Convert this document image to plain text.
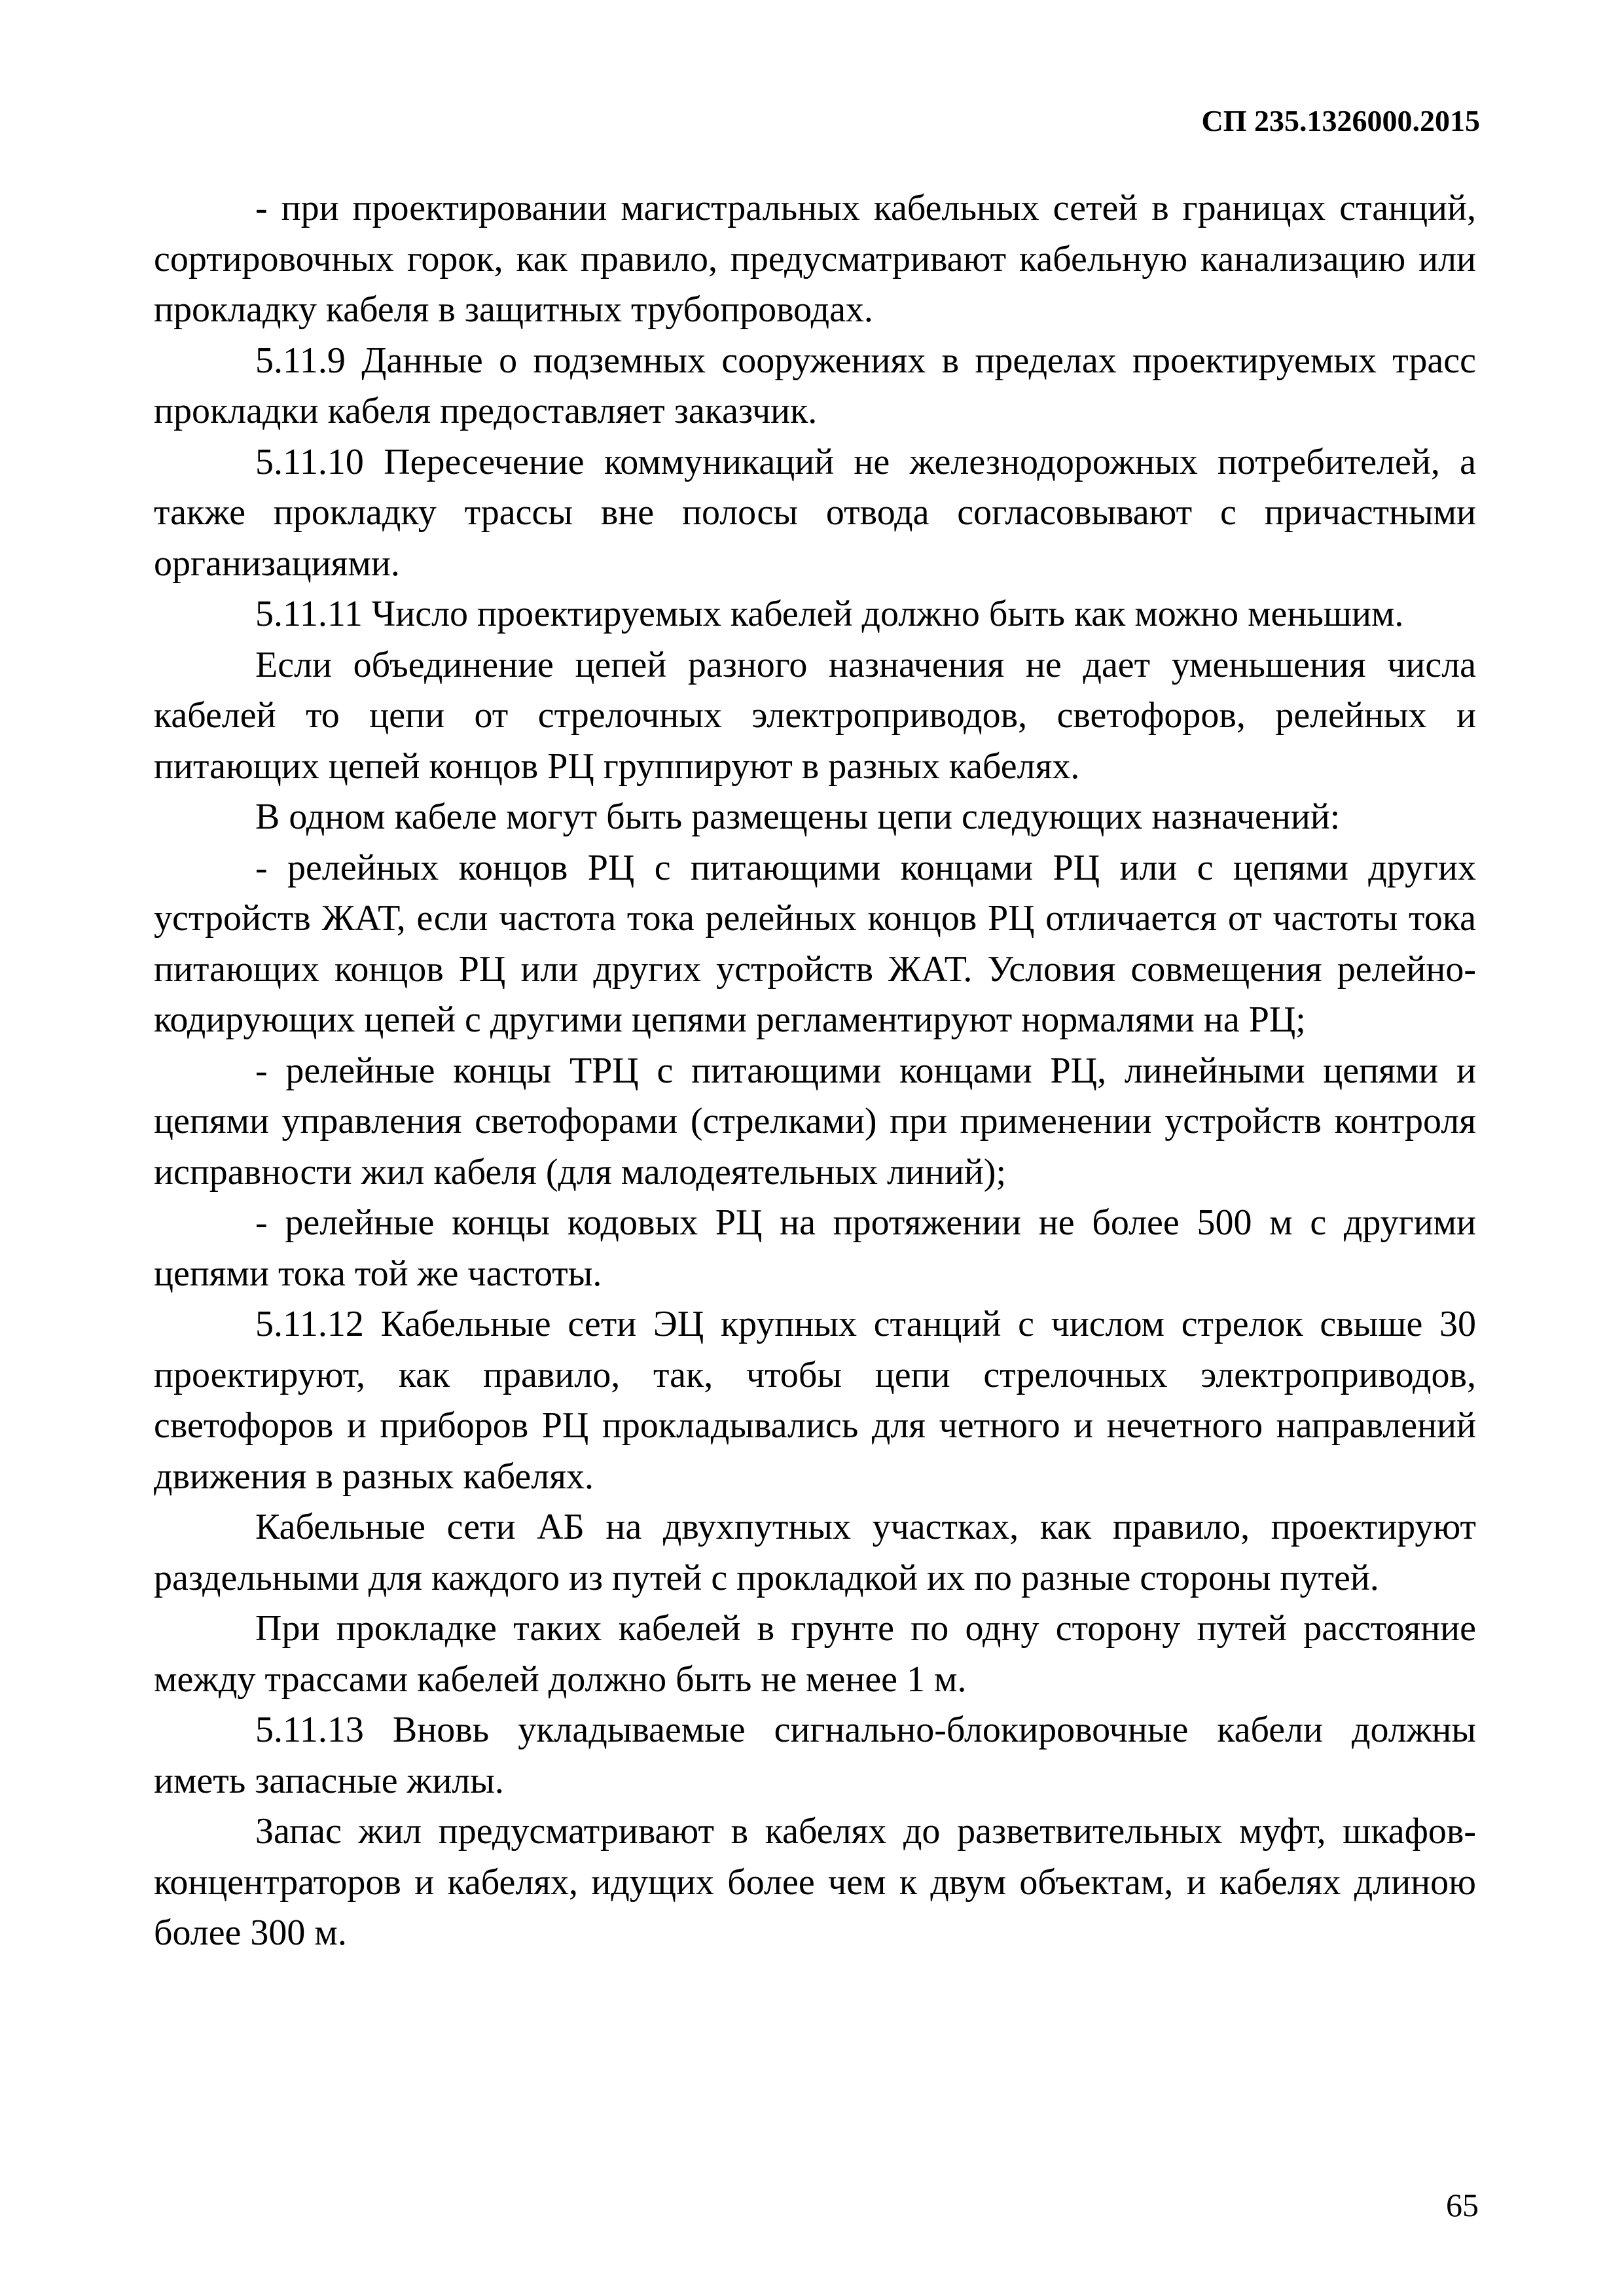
СП 235.1326000.2015

- при проектировании магистральных кабельных сетей в границах станций, сортировочных горок, как правило, предусматривают кабельную канализацию или прокладку кабеля в защитных трубопроводах.

5.11.9 Данные о подземных сооружениях в пределах проектируемых трасс прокладки кабеля предоставляет заказчик.

5.11.10 Пересечение коммуникаций не железнодорожных потребителей, а также прокладку трассы вне полосы отвода согласовывают с причастными организациями.

5.11.11 Число проектируемых кабелей должно быть как можно меньшим.

Если объединение цепей разного назначения не дает уменьшения числа кабелей то цепи от стрелочных электроприводов, светофоров, релейных и питающих цепей концов РЦ группируют в разных кабелях.

В одном кабеле могут быть размещены цепи следующих назначений:

- релейных концов РЦ с питающими концами РЦ или с цепями других устройств ЖАТ, если частота тока релейных концов РЦ отличается от частоты тока питающих концов РЦ или других устройств ЖАТ. Условия совмещения релейно-кодирующих цепей с другими цепями регламентируют нормалями на РЦ;

- релейные концы ТРЦ с питающими концами РЦ, линейными цепями и цепями управления светофорами (стрелками) при применении устройств контроля исправности жил кабеля (для малодеятельных линий);

- релейные концы кодовых РЦ на протяжении не более 500 м с другими цепями тока той же частоты.

5.11.12 Кабельные сети ЭЦ крупных станций с числом стрелок свыше 30 проектируют, как правило, так, чтобы цепи стрелочных электроприводов, светофоров и приборов РЦ прокладывались для четного и нечетного направлений движения в разных кабелях.

Кабельные сети АБ на двухпутных участках, как правило, проектируют раздельными для каждого из путей с прокладкой их по разные стороны путей.

При прокладке таких кабелей в грунте по одну сторону путей расстояние между трассами кабелей должно быть не менее 1 м.

5.11.13 Вновь укладываемые сигнально-блокировочные кабели должны иметь запасные жилы.

Запас жил предусматривают в кабелях до разветвительных муфт, шкафов-концентраторов и кабелях, идущих более чем к двум объектам, и кабелях длиною более 300 м.

65
